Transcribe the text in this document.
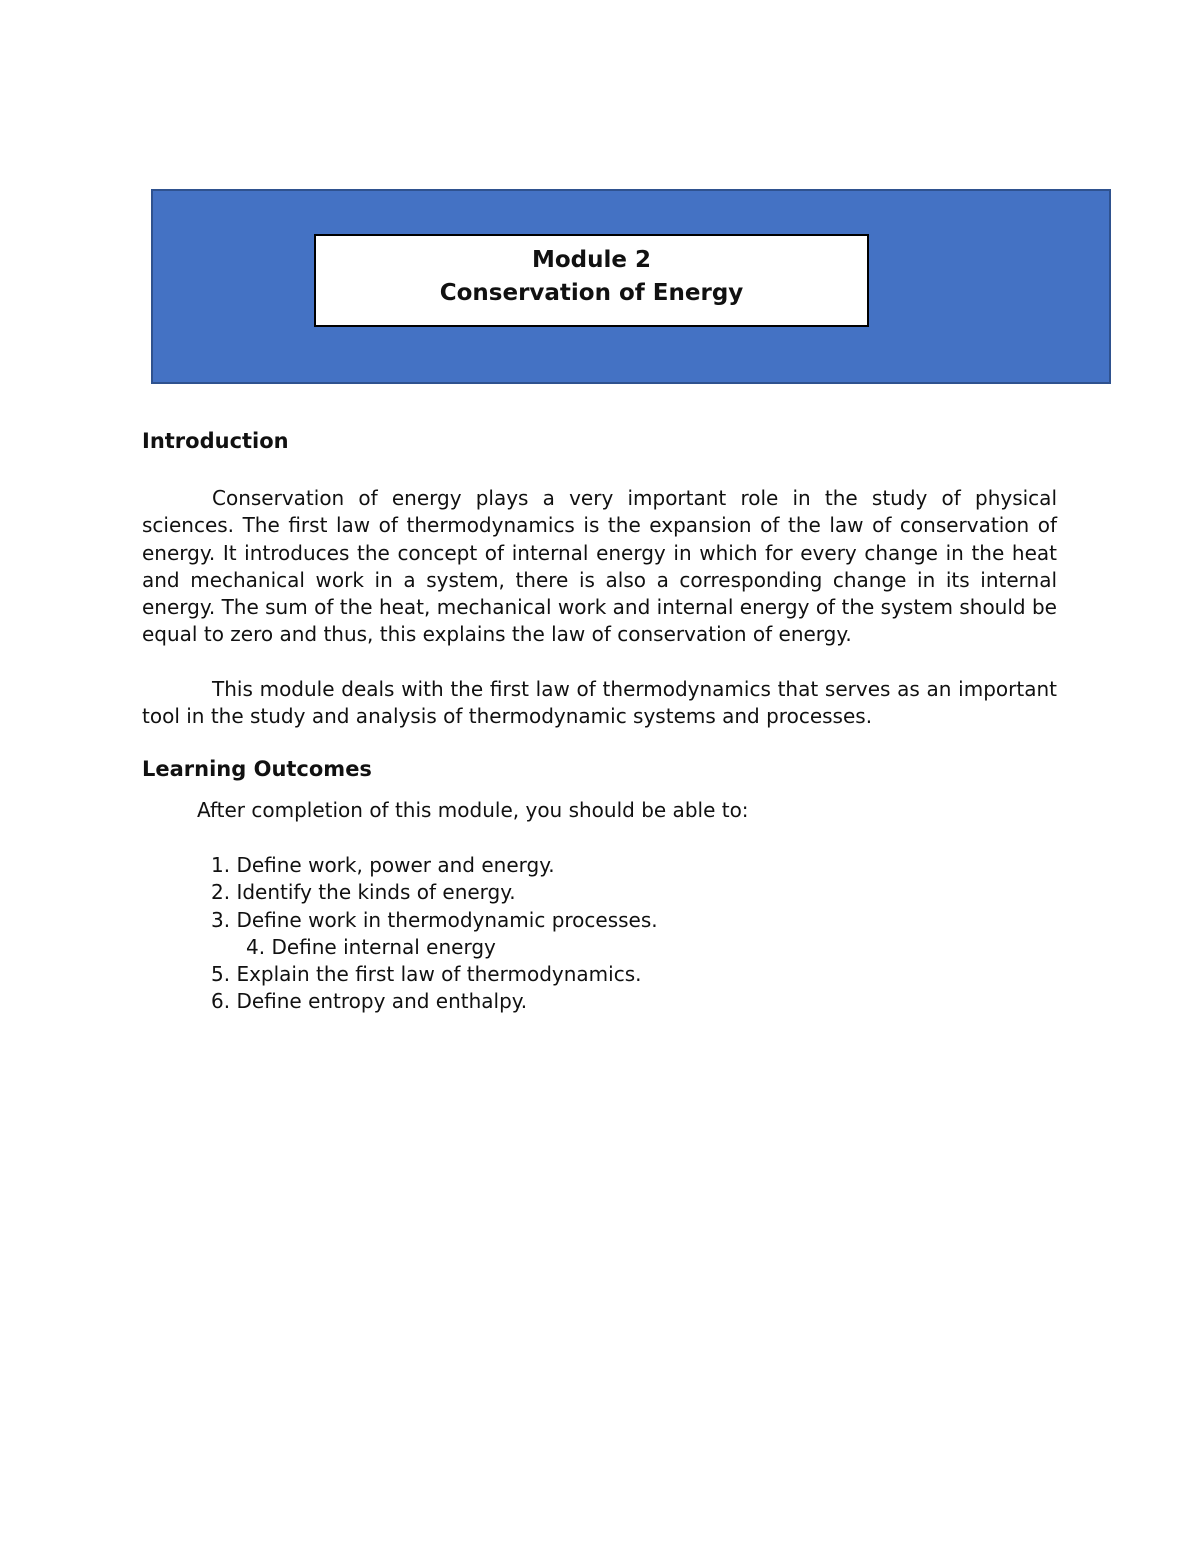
Module 2
Conservation of Energy
Introduction

Conservation of energy plays a very important role in the study of physical sciences. The first law of thermodynamics is the expansion of the law of conservation of energy. It introduces the concept of internal energy in which for every change in the heat and mechanical work in a system, there is also a corresponding change in its internal energy. The sum of the heat, mechanical work and internal energy of the system should be equal to zero and thus, this explains the law of conservation of energy.

This module deals with the first law of thermodynamics that serves as an important tool in the study and analysis of thermodynamic systems and processes.

Learning Outcomes

After completion of this module, you should be able to:

1. Define work, power and energy.
2. Identify the kinds of energy.
3. Define work in thermodynamic processes.
4. Define internal energy
5. Explain the first law of thermodynamics.
6. Define entropy and enthalpy.
